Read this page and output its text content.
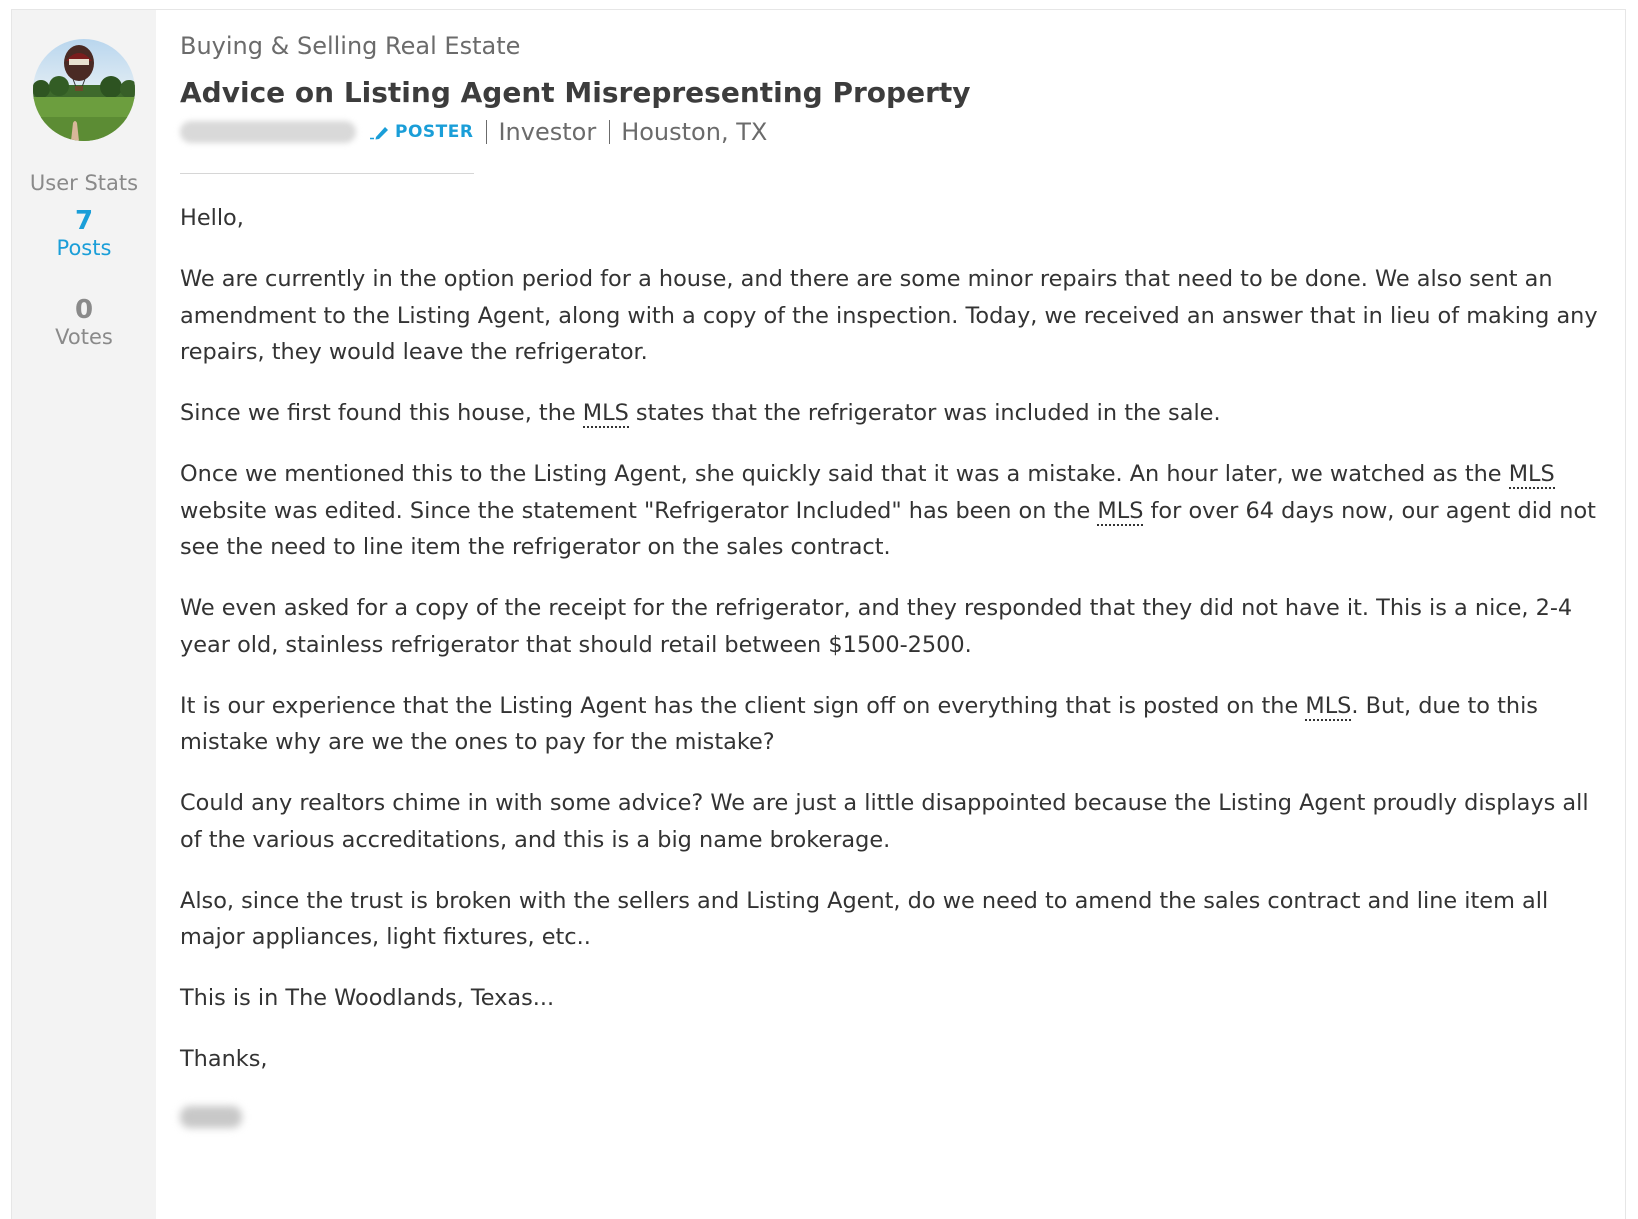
User Stats
7
Posts
0
Votes
Buying & Selling Real Estate
Advice on Listing Agent Misrepresenting Property
POSTER Investor Houston, TX

Hello,

We are currently in the option period for a house, and there are some minor repairs that need to be done. We also sent an amendment to the Listing Agent, along with a copy of the inspection. Today, we received an answer that in lieu of making any repairs, they would leave the refrigerator.

Since we first found this house, the MLS states that the refrigerator was included in the sale.

Once we mentioned this to the Listing Agent, she quickly said that it was a mistake. An hour later, we watched as the MLS website was edited. Since the statement "Refrigerator Included" has been on the MLS for over 64 days now, our agent did not see the need to line item the refrigerator on the sales contract.

We even asked for a copy of the receipt for the refrigerator, and they responded that they did not have it. This is a nice, 2-4 year old, stainless refrigerator that should retail between $1500-2500.

It is our experience that the Listing Agent has the client sign off on everything that is posted on the MLS. But, due to this mistake why are we the ones to pay for the mistake?

Could any realtors chime in with some advice? We are just a little disappointed because the Listing Agent proudly displays all of the various accreditations, and this is a big name brokerage.

Also, since the trust is broken with the sellers and Listing Agent, do we need to amend the sales contract and line item all major appliances, light fixtures, etc..

This is in The Woodlands, Texas...

Thanks,
